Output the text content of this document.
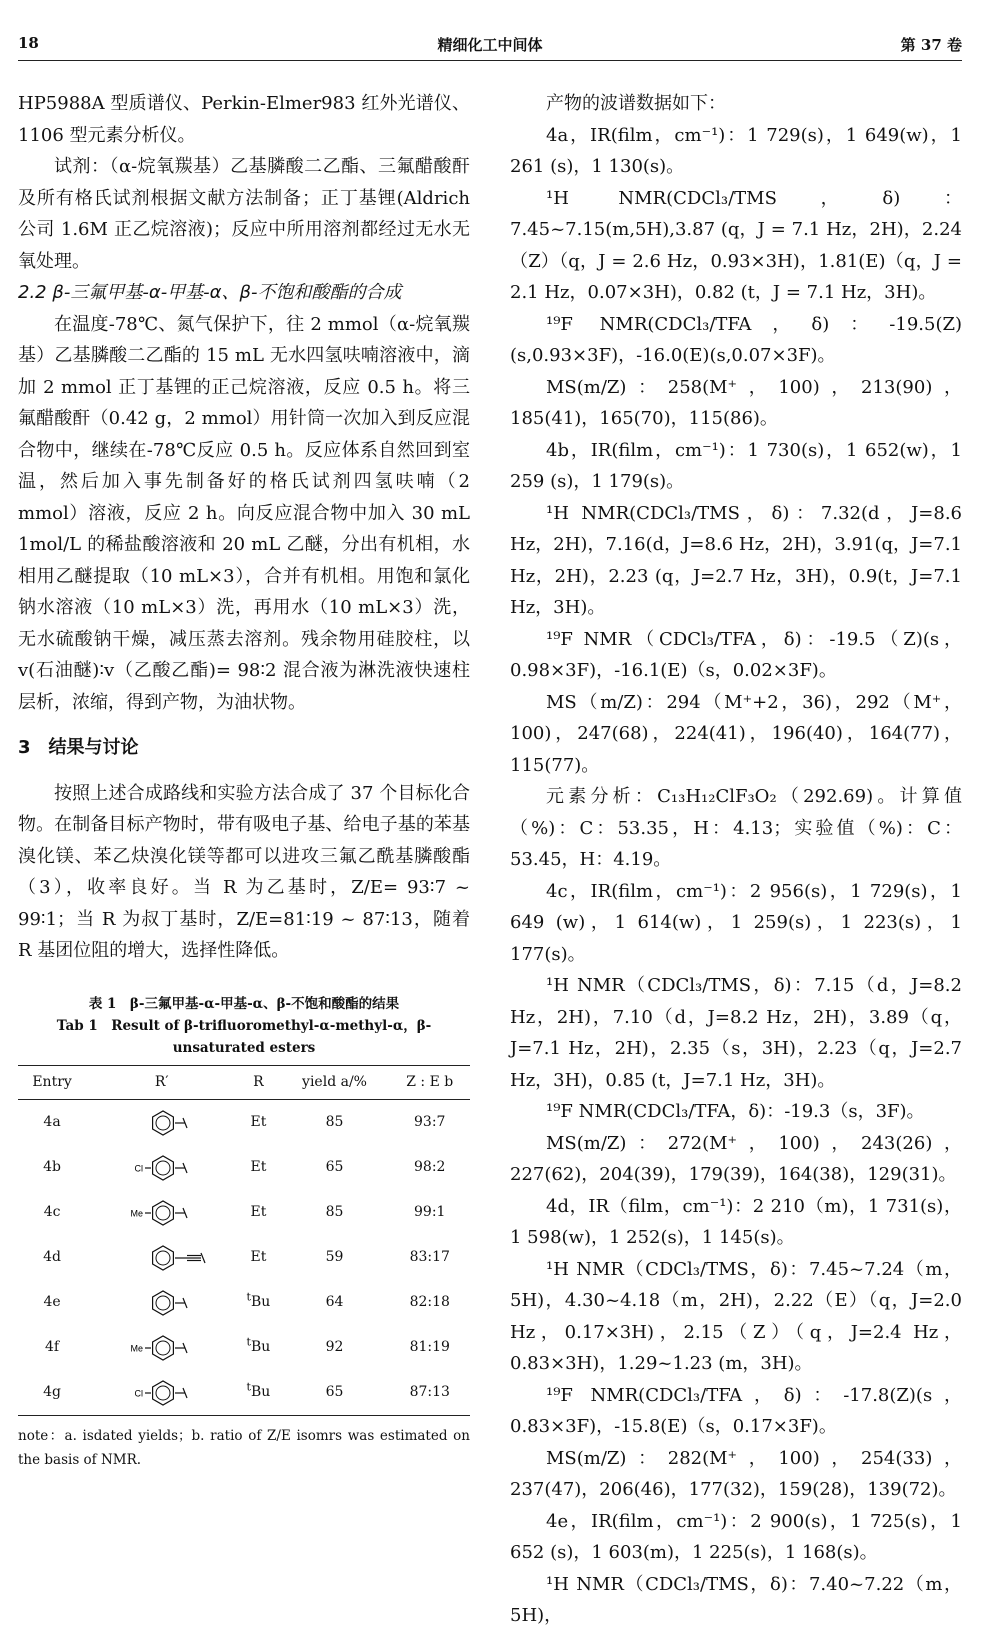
18	精细化工中间体	第 37 卷

HP5988A 型质谱仪、Perkin-Elmer983 红外光谱仪、1106 型元素分析仪。

试剂：（α-烷氧羰基）乙基膦酸二乙酯、三氟醋酸酐及所有格氏试剂根据文献方法制备；正丁基锂(Aldrich 公司 1.6M 正乙烷溶液)；反应中所用溶剂都经过无水无氧处理。

2.2 β-三氟甲基-α-甲基-α、β-不饱和酸酯的合成

在温度-78℃、氮气保护下，往 2 mmol（α-烷氧羰基）乙基膦酸二乙酯的 15 mL 无水四氢呋喃溶液中，滴加 2 mmol 正丁基锂的正己烷溶液，反应 0.5 h。将三氟醋酸酐（0.42 g，2 mmol）用针筒一次加入到反应混合物中，继续在-78℃反应 0.5 h。反应体系自然回到室温，然后加入事先制备好的格氏试剂四氢呋喃（2 mmol）溶液，反应 2 h。向反应混合物中加入 30 mL 1mol/L 的稀盐酸溶液和 20 mL 乙醚，分出有机相，水相用乙醚提取（10 mL×3），合并有机相。用饱和氯化钠水溶液（10 mL×3）洗，再用水（10 mL×3）洗，无水硫酸钠干燥，减压蒸去溶剂。残余物用硅胶柱，以 v(石油醚)∶v（乙酸乙酯)= 98∶2 混合液为淋洗液快速柱层析，浓缩，得到产物，为油状物。

3　结果与讨论

按照上述合成路线和实验方法合成了 37 个目标化合物。在制备目标产物时，带有吸电子基、给电子基的苯基溴化镁、苯乙炔溴化镁等都可以进攻三氟乙酰基膦酸酯（3），收率良好。当 R 为乙基时，Z/E= 93∶7 ~ 99∶1；当 R 为叔丁基时，Z/E=81∶19 ~ 87∶13，随着 R 基团位阻的增大，选择性降低。

表 1　β-三氟甲基-α-甲基-α、β-不饱和酸酯的结果

Tab 1　Result of β-trifluoromethyl-α-methyl-α，β-

unsaturated esters

Entry	R′	R	yield a/%	Z : E b
4a		Et	85	93:7
4b	Cl	Et	65	98:2
4c	Me	Et	85	99:1
4d		Et	59	83:17
4e		$^t$Bu	64	82:18
4f	Me	$^t$Bu	92	81:19
4g	Cl	$^t$Bu	65	87:13

note：a. isdated yields；b. ratio of Z/E isomrs was estimated on the basis of NMR.

产物的波谱数据如下：

4a，IR(film，cm⁻¹)：1 729(s)，1 649(w)，1 261 (s)，1 130(s)。

¹H NMR(CDCl₃/TMS，δ)：7.45~7.15(m,5H),3.87 (q，J = 7.1 Hz，2H)，2.24（Z）（q，J = 2.6 Hz，0.93×3H)，1.81(E)（q，J = 2.1 Hz，0.07×3H)，0.82 (t，J = 7.1 Hz，3H)。

¹⁹F NMR(CDCl₃/TFA，δ)：-19.5(Z)(s,0.93×3F)，-16.0(E)(s,0.07×3F)。

MS(m/Z)：258(M⁺，100)，213(90)，185(41)，165(70)，115(86)。

4b，IR(film，cm⁻¹)：1 730(s)，1 652(w)，1 259 (s)，1 179(s)。

¹H NMR(CDCl₃/TMS，δ)：7.32(d，J=8.6 Hz，2H)，7.16(d，J=8.6 Hz，2H)，3.91(q，J=7.1 Hz，2H)，2.23 (q，J=2.7 Hz，3H)，0.9(t，J=7.1 Hz，3H)。

¹⁹F NMR（CDCl₃/TFA，δ)：-19.5（Z)(s，0.98×3F)，-16.1(E)（s，0.02×3F)。

MS（m/Z)：294（M⁺+2，36)，292（M⁺，100)，247(68)，224(41)，196(40)，164(77)，115(77)。

元素分析：C₁₃H₁₂ClF₃O₂（292.69)。计算值（%)：C：53.35，H：4.13；实验值（%)：C：53.45，H：4.19。

4c，IR(film，cm⁻¹)：2 956(s)，1 729(s)，1 649 (w)，1 614(w)，1 259(s)，1 223(s)，1 177(s)。

¹H NMR（CDCl₃/TMS，δ)：7.15（d，J=8.2 Hz，2H)，7.10（d，J=8.2 Hz，2H)，3.89（q，J=7.1 Hz，2H)，2.35（s，3H)，2.23（q，J=2.7 Hz，3H)，0.85 (t，J=7.1 Hz，3H)。

¹⁹F NMR(CDCl₃/TFA，δ)：-19.3（s，3F)。

MS(m/Z)：272(M⁺，100)，243(26)，227(62)，204(39)，179(39)，164(38)，129(31)。

4d，IR（film，cm⁻¹)：2 210（m)，1 731(s)，1 598(w)，1 252(s)，1 145(s)。

¹H NMR（CDCl₃/TMS，δ)：7.45~7.24（m，5H)，4.30~4.18（m，2H)，2.22（E）（q，J=2.0 Hz，0.17×3H)，2.15（Z）（q，J=2.4 Hz，0.83×3H)，1.29~1.23 (m，3H)。

¹⁹F NMR(CDCl₃/TFA，δ)：-17.8(Z)(s，0.83×3F)，-15.8(E)（s，0.17×3F)。

MS(m/Z)：282(M⁺，100)，254(33)，237(47)，206(46)，177(32)，159(28)，139(72)。

4e，IR(film，cm⁻¹)：2 900(s)，1 725(s)，1 652 (s)，1 603(m)，1 225(s)，1 168(s)。

¹H NMR（CDCl₃/TMS，δ)：7.40~7.22（m，5H)，
